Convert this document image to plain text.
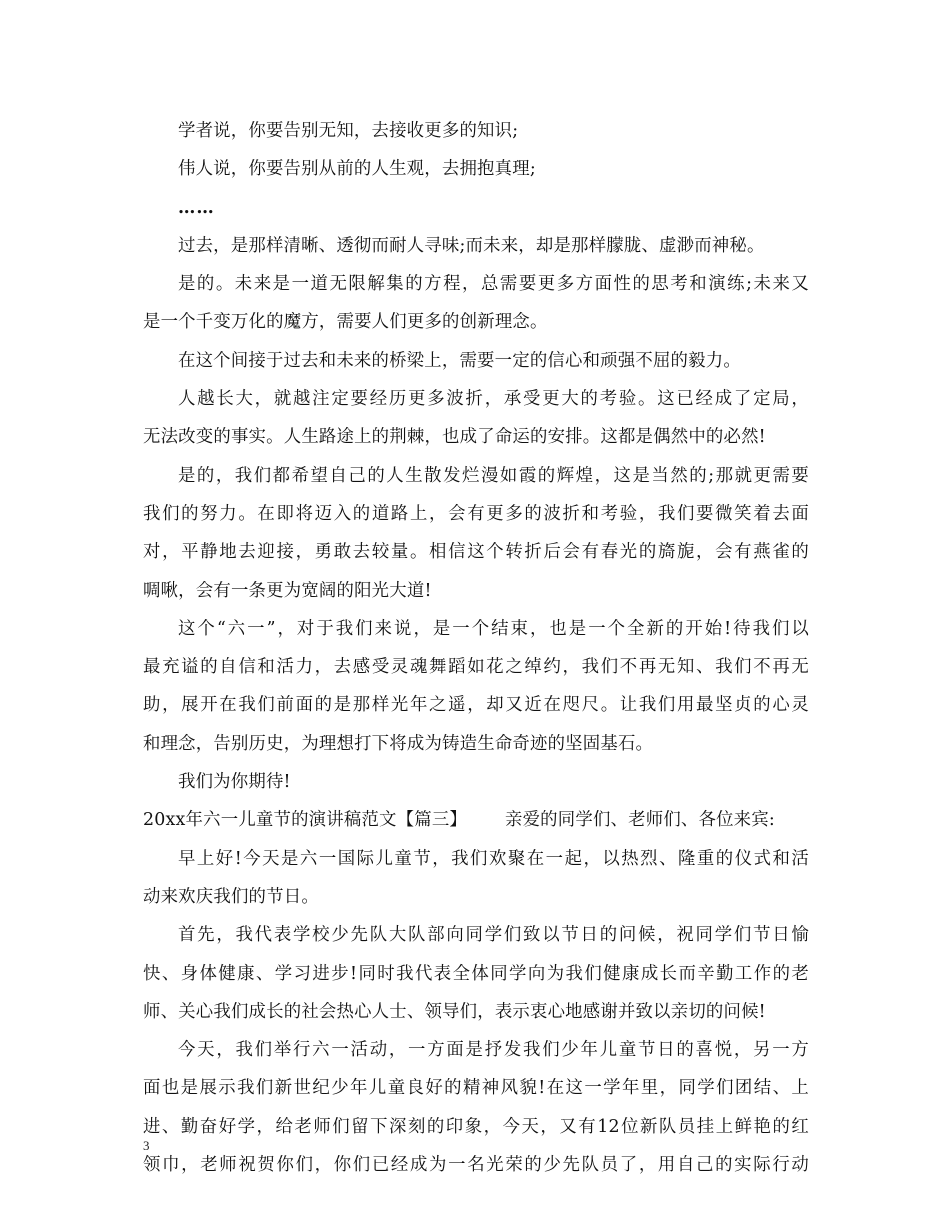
学者说，你要告别无知，去接收更多的知识;
伟人说，你要告别从前的人生观，去拥抱真理;
……
过去，是那样清晰、透彻而耐人寻味;而未来，却是那样朦胧、虚渺而神秘。
是的。未来是一道无限解集的方程，总需要更多方面性的思考和演练;未来又
是一个千变万化的魔方，需要人们更多的创新理念。
在这个间接于过去和未来的桥梁上，需要一定的信心和顽强不屈的毅力。
人越长大，就越注定要经历更多波折，承受更大的考验。这已经成了定局，
无法改变的事实。人生路途上的荆棘，也成了命运的安排。这都是偶然中的必然!
是的，我们都希望自己的人生散发烂漫如霞的辉煌，这是当然的;那就更需要
我们的努力。在即将迈入的道路上，会有更多的波折和考验，我们要微笑着去面
对，平静地去迎接，勇敢去较量。相信这个转折后会有春光的旖旎，会有燕雀的
啁啾，会有一条更为宽阔的阳光大道!
这个“六一”，对于我们来说，是一个结束，也是一个全新的开始!待我们以
最充谥的自信和活力，去感受灵魂舞蹈如花之绰约，我们不再无知、我们不再无
助，展开在我们前面的是那样光年之遥，却又近在咫尺。让我们用最坚贞的心灵
和理念，告别历史，为理想打下将成为铸造生命奇迹的坚固基石。
我们为你期待!
20xx年六一儿童节的演讲稿范文【篇三】 亲爱的同学们、老师们、各位来宾:
早上好!今天是六一国际儿童节，我们欢聚在一起，以热烈、隆重的仪式和活
动来欢庆我们的节日。
首先，我代表学校少先队大队部向同学们致以节日的问候，祝同学们节日愉
快、身体健康、学习进步!同时我代表全体同学向为我们健康成长而辛勤工作的老
师、关心我们成长的社会热心人士、领导们，表示衷心地感谢并致以亲切的问候!
今天，我们举行六一活动，一方面是抒发我们少年儿童节日的喜悦，另一方
面也是展示我们新世纪少年儿童良好的精神风貌!在这一学年里，同学们团结、上
进、勤奋好学，给老师们留下深刻的印象，今天，又有12位新队员挂上鲜艳的红
领巾，老师祝贺你们，你们已经成为一名光荣的少先队员了，用自己的实际行动
3
